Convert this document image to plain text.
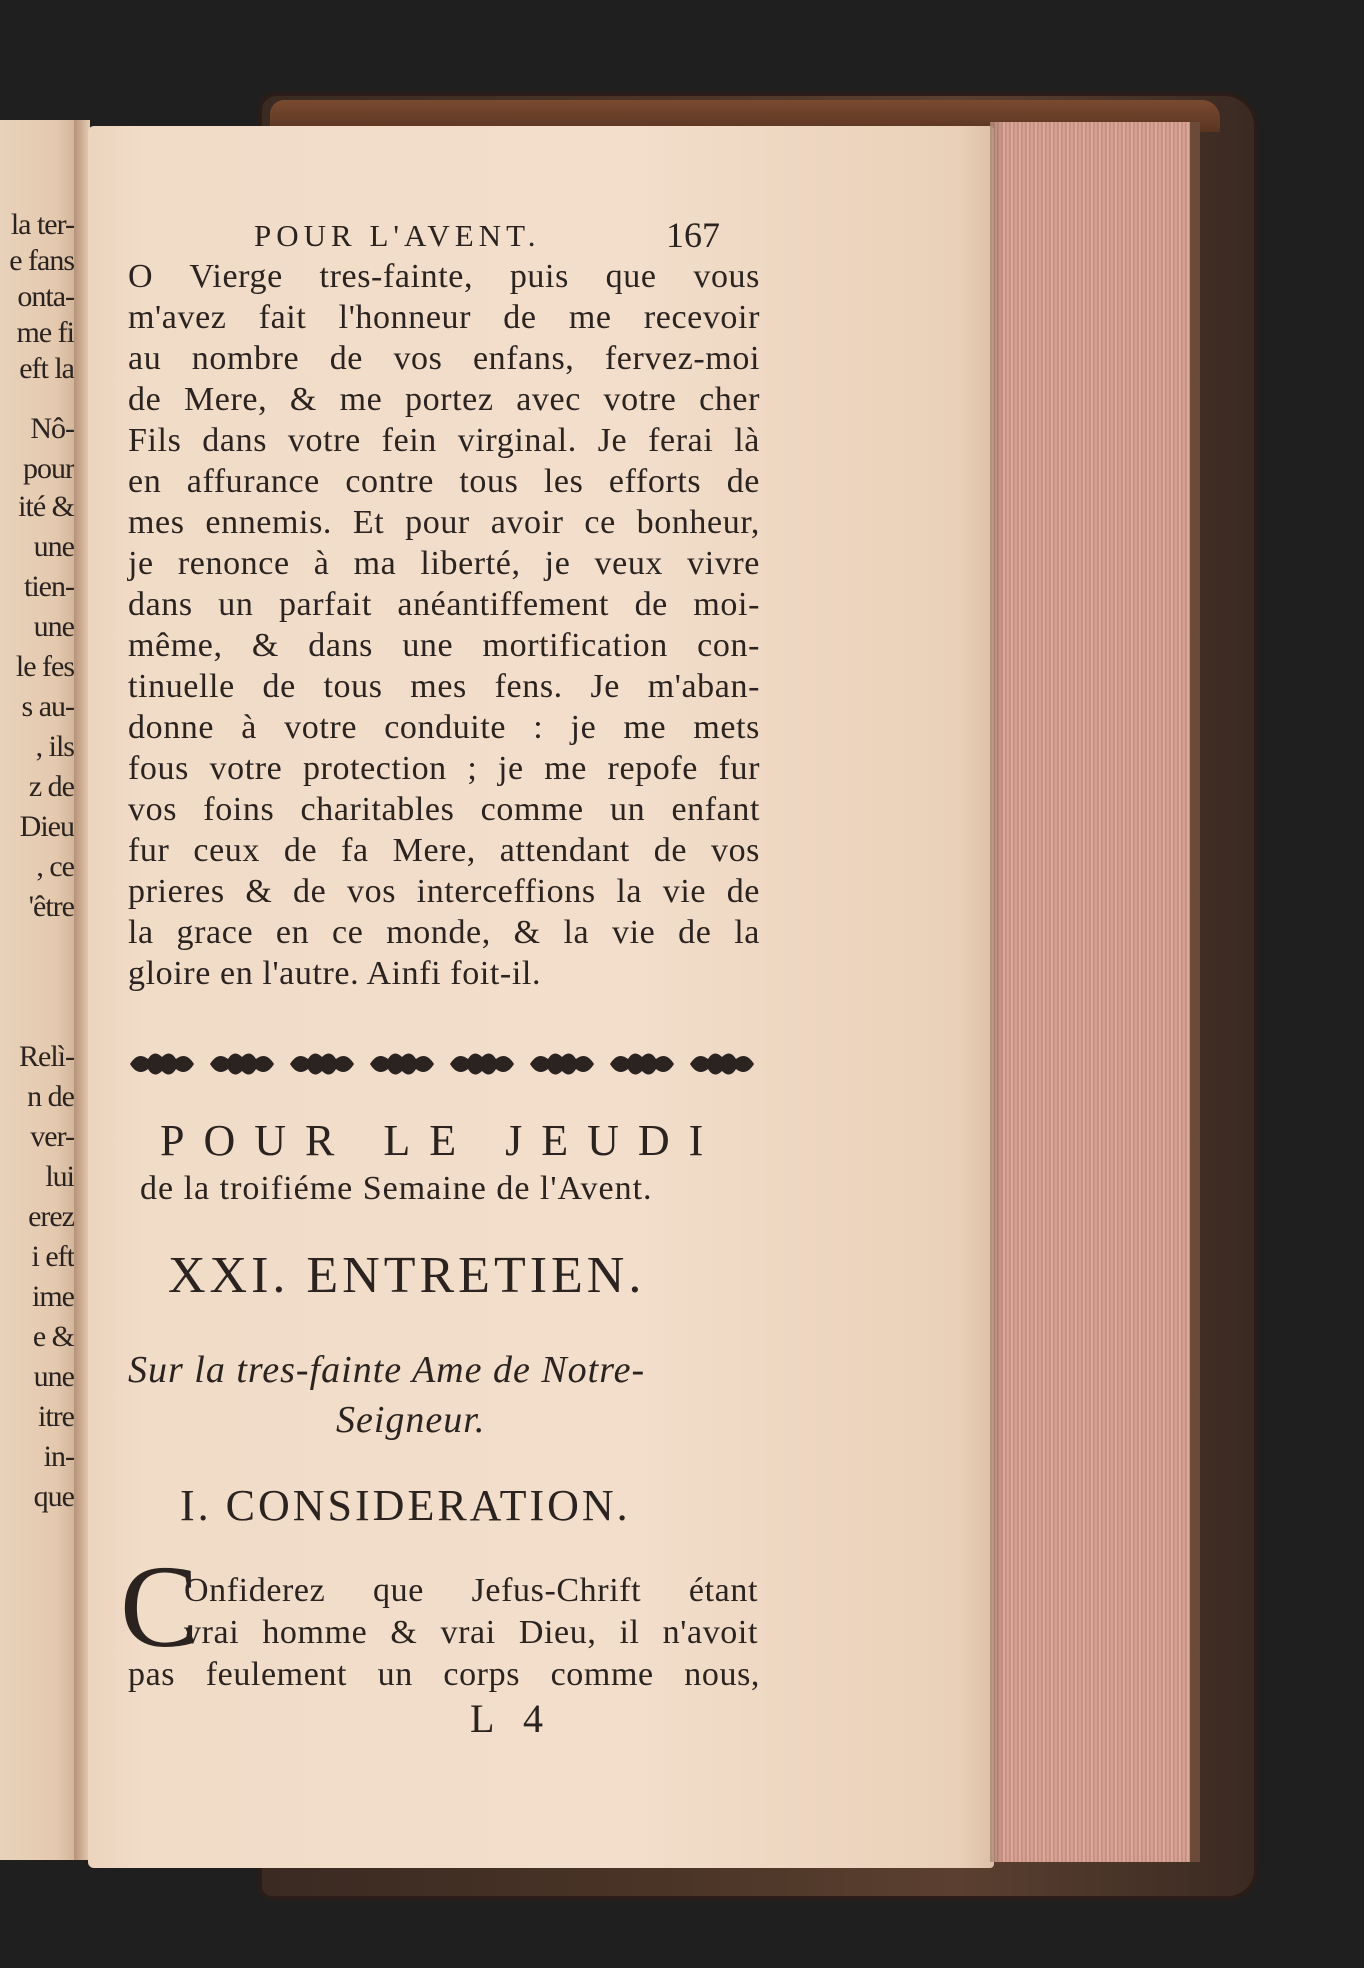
la ter-
e fans
onta-
me fi
eft la
Nô-
pour
ité &
une
tien-
une
le fes
s au-
, ils
z de
Dieu
, ce
'être
Relì-
n de
ver-
lui
erez
i eft
ime
e &
une
itre
in-
que
POUR L'AVENT.	167
O Vierge tres-fainte, puis que vous
m'avez fait l'honneur de me recevoir
au nombre de vos enfans, fervez-moi
de Mere, & me portez avec votre cher
Fils dans votre fein virginal. Je ferai là
en affurance contre tous les efforts de
mes ennemis. Et pour avoir ce bonheur,
je renonce à ma liberté, je veux vivre
dans un parfait anéantiffement de moi-
même, & dans une mortification con-
tinuelle de tous mes fens. Je m'aban-
donne à votre conduite : je me mets
fous votre protection ; je me repofe fur
vos foins charitables comme un enfant
fur ceux de fa Mere, attendant de vos
prieres & de vos interceffions la vie de
la grace en ce monde, & la vie de la
gloire en l'autre. Ainfi foit-il.
POUR LE JEUDI
de la troifiéme Semaine de l'Avent.
XXI. ENTRETIEN.
Sur la tres-fainte Ame de Notre-
Seigneur.
I. CONSIDERATION.
C
Onfiderez que Jefus-Chrift étant
vrai homme & vrai Dieu, il n'avoit
pas feulement un corps comme nous,
L 4
